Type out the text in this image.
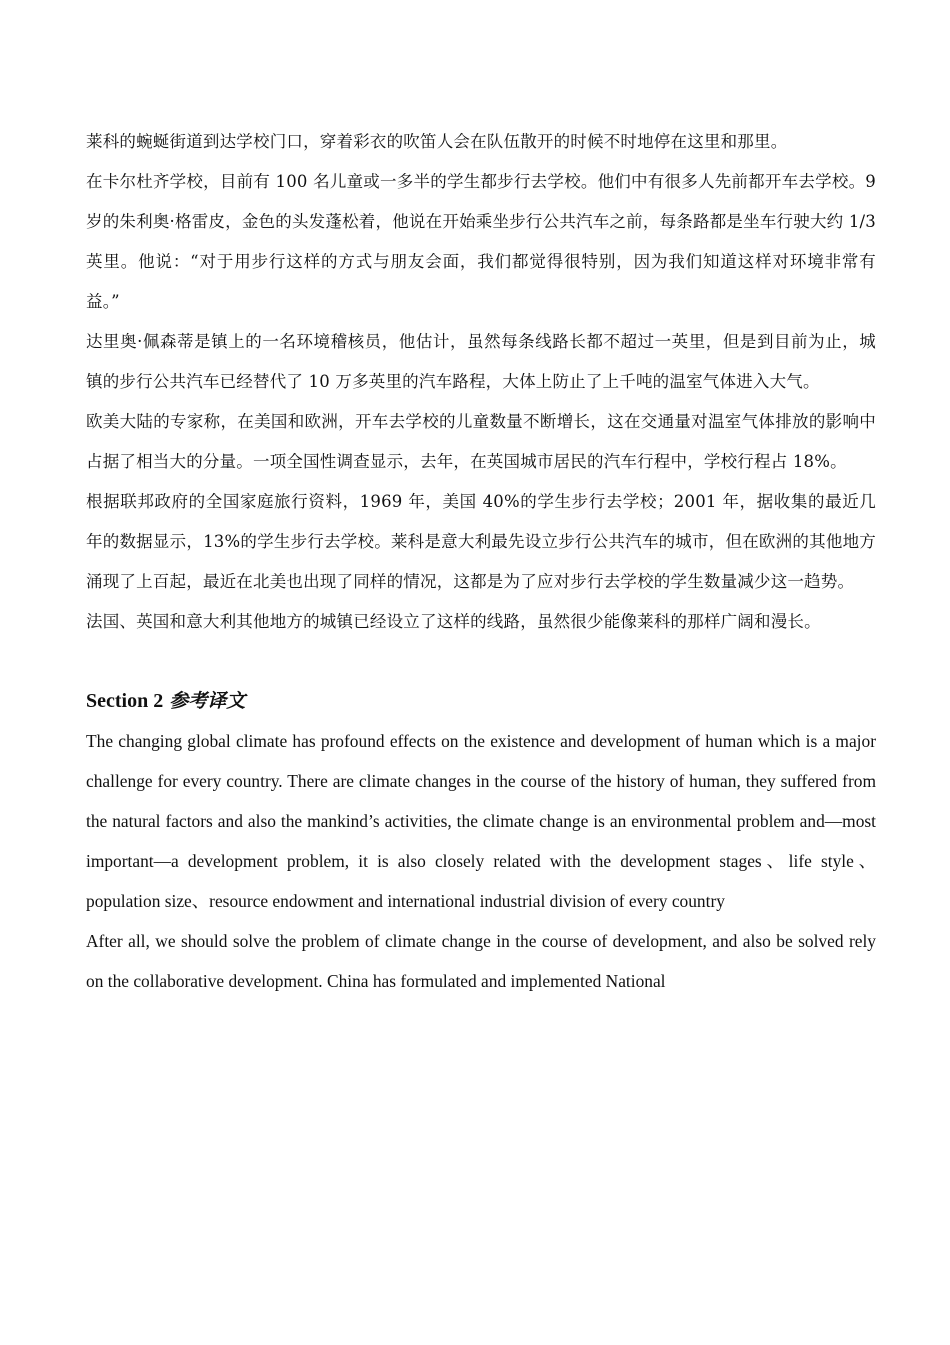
莱科的蜿蜒街道到达学校门口，穿着彩衣的吹笛人会在队伍散开的时候不时地停在这里和那里。

在卡尔杜齐学校，目前有 100 名儿童或一多半的学生都步行去学校。他们中有很多人先前都开车去学校。9 岁的朱利奥·格雷皮，金色的头发蓬松着，他说在开始乘坐步行公共汽车之前，每条路都是坐车行驶大约 1/3 英里。他说：“对于用步行这样的方式与朋友会面，我们都觉得很特别，因为我们知道这样对环境非常有益。”

达里奥·佩森蒂是镇上的一名环境稽核员，他估计，虽然每条线路长都不超过一英里，但是到目前为止，城镇的步行公共汽车已经替代了 10 万多英里的汽车路程，大体上防止了上千吨的温室气体进入大气。

欧美大陆的专家称，在美国和欧洲，开车去学校的儿童数量不断增长，这在交通量对温室气体排放的影响中占据了相当大的分量。一项全国性调查显示，去年，在英国城市居民的汽车行程中，学校行程占 18%。

根据联邦政府的全国家庭旅行资料，1969 年，美国 40%的学生步行去学校；2001 年，据收集的最近几年的数据显示，13%的学生步行去学校。莱科是意大利最先设立步行公共汽车的城市，但在欧洲的其他地方涌现了上百起，最近在北美也出现了同样的情况，这都是为了应对步行去学校的学生数量减少这一趋势。

法国、英国和意大利其他地方的城镇已经设立了这样的线路，虽然很少能像莱科的那样广阔和漫长。

Section 2 参考译文

The changing global climate has profound effects on the existence and development of human which is a major challenge for every country. There are climate changes in the course of the history of human, they suffered from the natural factors and also the mankind’s activities, the climate change is an environmental problem and—most important—a development problem, it is also closely related with the development stages、life style、population size、resource endowment and international industrial division of every country

After all, we should solve the problem of climate change in the course of development, and also be solved rely on the collaborative development. China has formulated and implemented National
